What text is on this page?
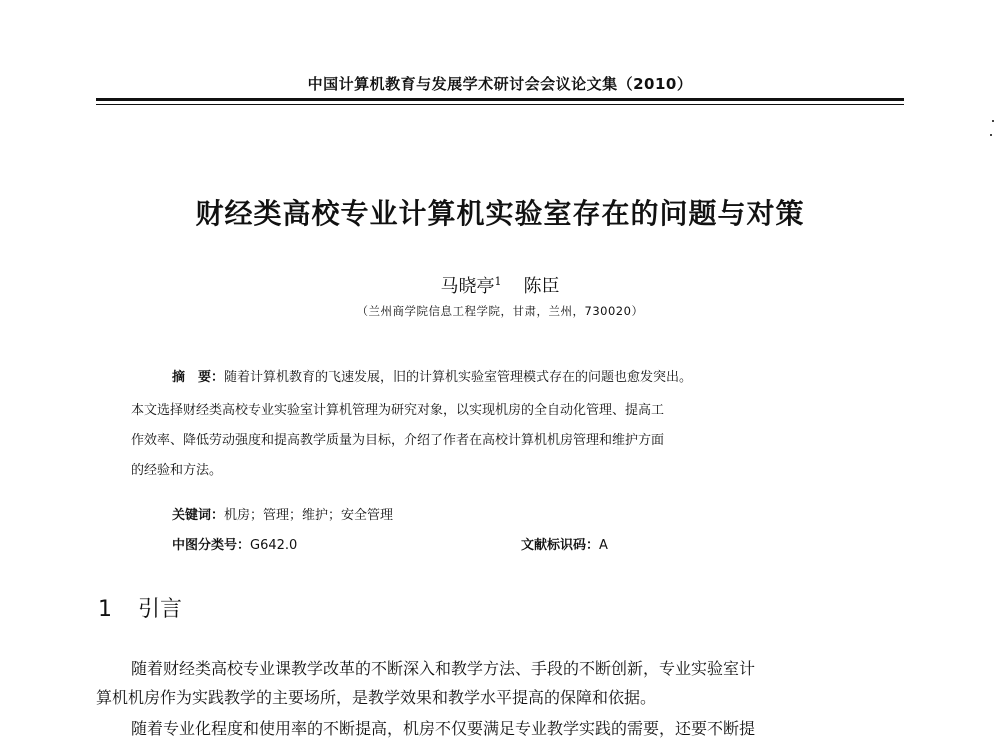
中国计算机教育与发展学术研讨会会议论文集（2010）
财经类高校专业计算机实验室存在的问题与对策
马晓亭$^1$ 陈臣
（兰州商学院信息工程学院，甘肃，兰州，730020）
摘　要：随着计算机教育的飞速发展，旧的计算机实验室管理模式存在的问题也愈发突出。
本文选择财经类高校专业实验室计算机管理为研究对象，以实现机房的全自动化管理、提高工
作效率、降低劳动强度和提高教学质量为目标，介绍了作者在高校计算机机房管理和维护方面
的经验和方法。
关键词：机房；管理；维护；安全管理
中图分类号：G642.0	文献标识码：A
1 引言
随着财经类高校专业课教学改革的不断深入和教学方法、手段的不断创新，专业实验室计
算机机房作为实践教学的主要场所，是教学效果和教学水平提高的保障和依据。
随着专业化程度和使用率的不断提高，机房不仅要满足专业教学实践的需要，还要不断提
